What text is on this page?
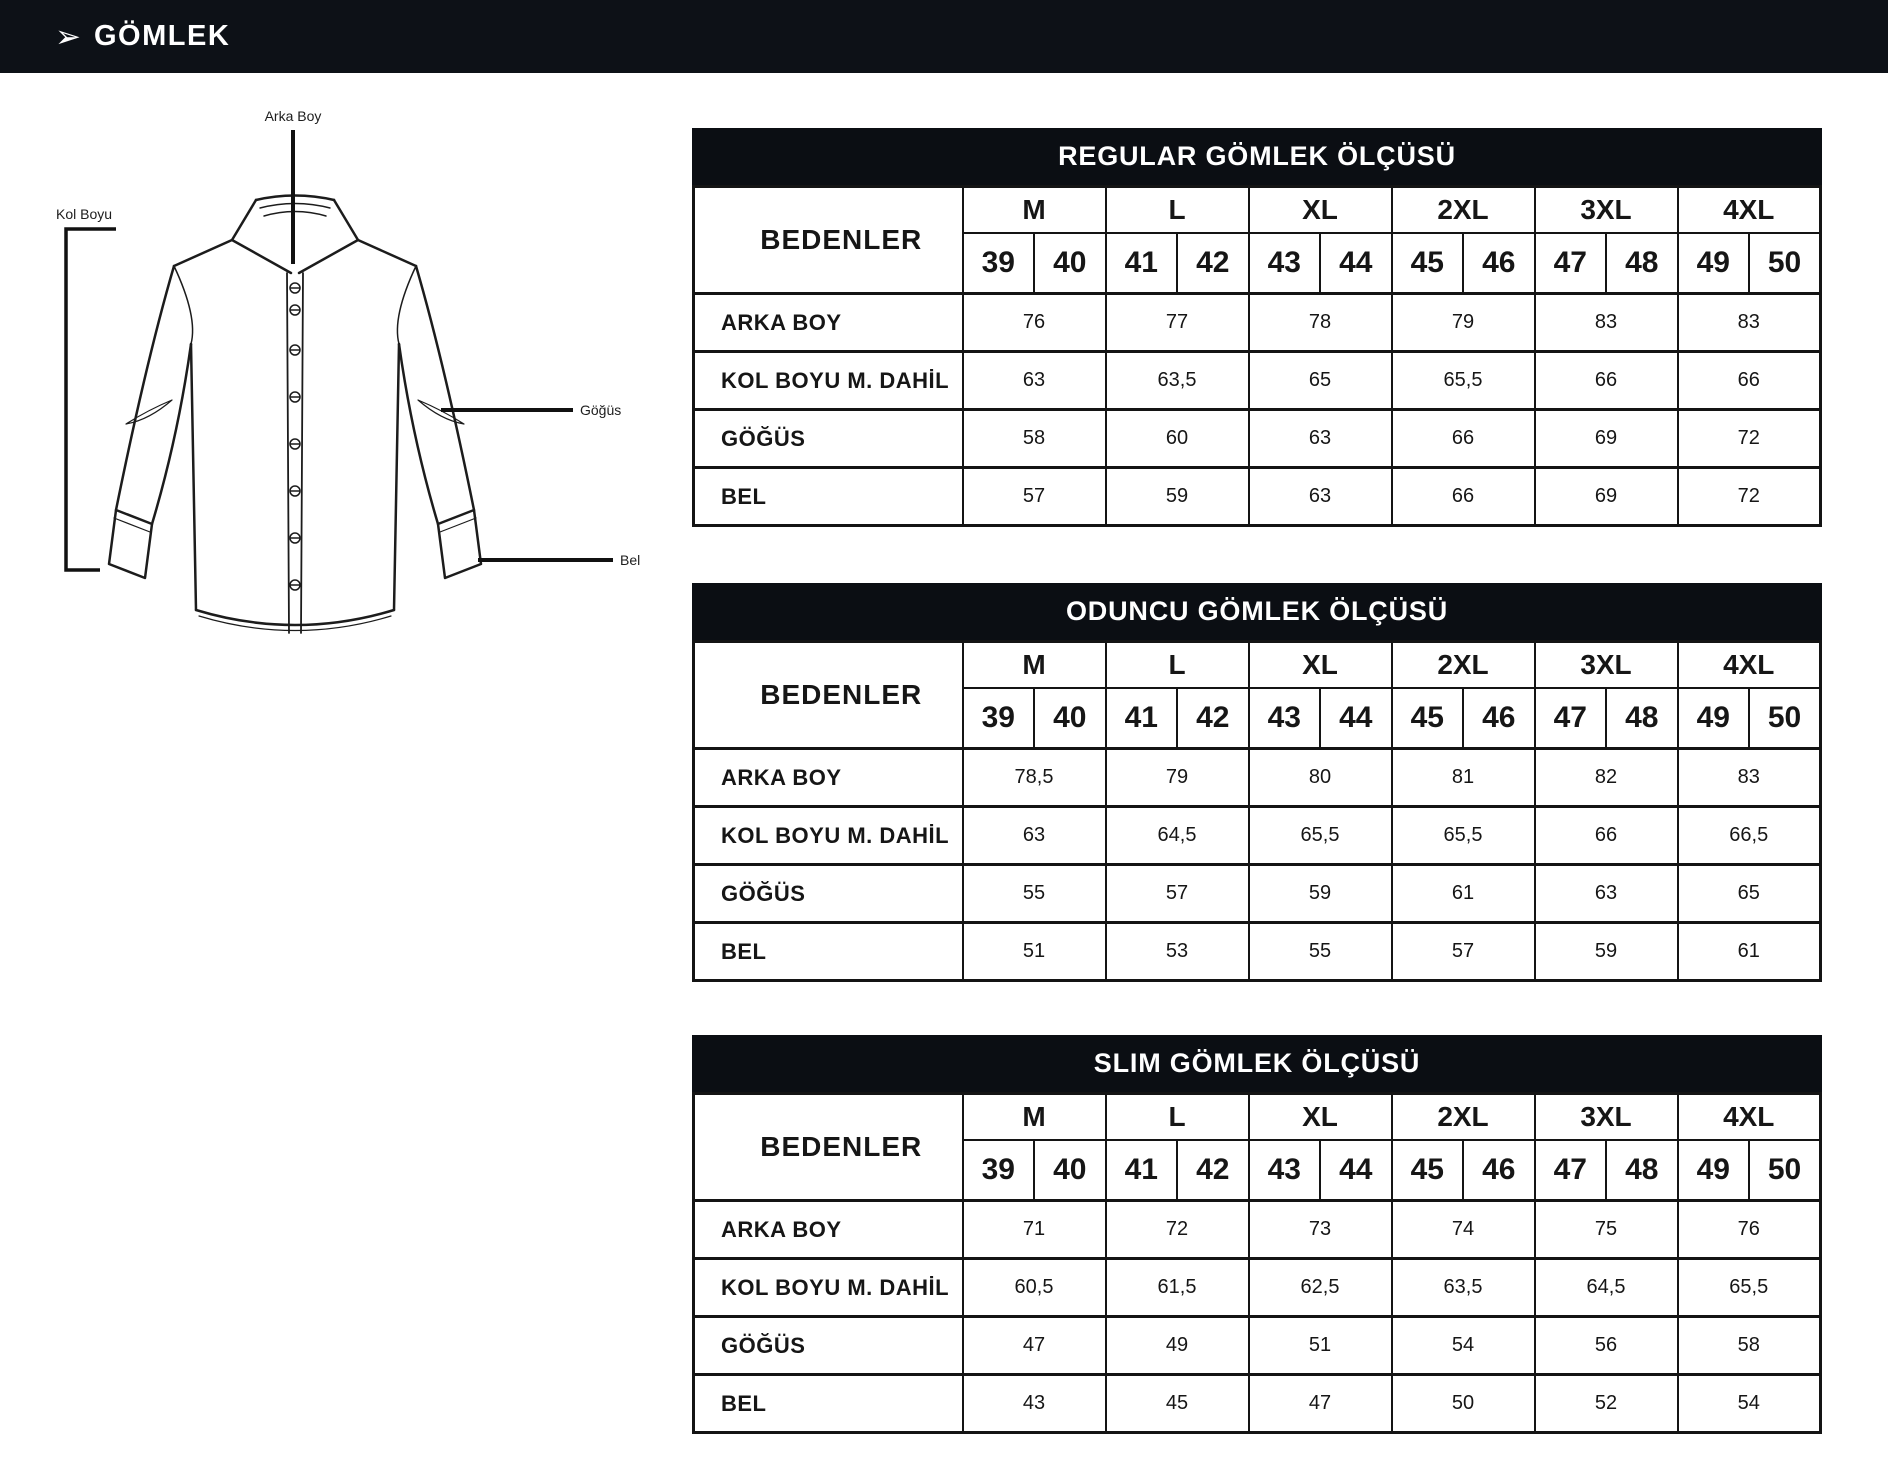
➢ GÖMLEK
Arka Boy
Kol Boyu
Göğüs
Bel
REGULAR GÖMLEK ÖLÇÜSÜ
BEDENLER	M		L		XL		2XL		3XL		4XL	
	39	40	41	42	43	44	45	46	47	48	49	50
ARKA BOY	76		77		78		79		83		83	
KOL BOYU M. DAHİL	63		63,5		65		65,5		66		66	
GÖĞÜS	58		60		63		66		69		72	
BEL	57		59		63		66		69		72	
ODUNCU GÖMLEK ÖLÇÜSÜ
BEDENLER	M		L		XL		2XL		3XL		4XL	
	39	40	41	42	43	44	45	46	47	48	49	50
ARKA BOY	78,5		79		80		81		82		83	
KOL BOYU M. DAHİL	63		64,5		65,5		65,5		66		66,5	
GÖĞÜS	55		57		59		61		63		65	
BEL	51		53		55		57		59		61	
SLIM GÖMLEK ÖLÇÜSÜ
BEDENLER	M		L		XL		2XL		3XL		4XL	
	39	40	41	42	43	44	45	46	47	48	49	50
ARKA BOY	71		72		73		74		75		76	
KOL BOYU M. DAHİL	60,5		61,5		62,5		63,5		64,5		65,5	
GÖĞÜS	47		49		51		54		56		58	
BEL	43		45		47		50		52		54	
